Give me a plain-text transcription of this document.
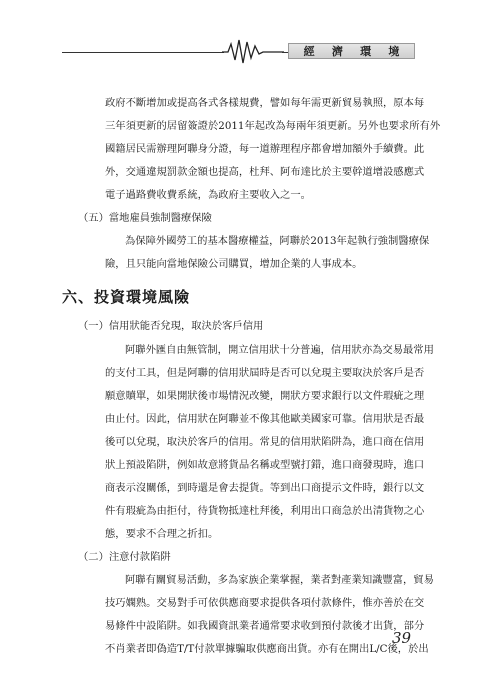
經 濟 環 境
政府不斷增加或提高各式各樣規費，譬如每年需更新貿易執照，原本每
三年須更新的居留簽證於2011年起改為每兩年須更新。另外也要求所有外
國籍居民需辦理阿聯身分證，每一道辦理程序都會增加額外手續費。此
外，交通違規罰款金額也提高，杜拜、阿布達比於主要幹道增設感應式
電子過路費收費系統，為政府主要收入之一。
（五）當地雇員強制醫療保險
為保障外國勞工的基本醫療權益，阿聯於2013年起執行強制醫療保
險，且只能向當地保險公司購買，增加企業的人事成本。
六、投資環境風險
（一）信用狀能否兌現，取決於客戶信用
阿聯外匯自由無管制，開立信用狀十分普遍，信用狀亦為交易最常用
的支付工具，但是阿聯的信用狀屆時是否可以兌現主要取決於客戶是否
願意贖單，如果開狀後市場情況改變，開狀方要求銀行以文件瑕疵之理
由止付。因此，信用狀在阿聯並不像其他歐美國家可靠。信用狀是否最
後可以兌現，取決於客戶的信用。常見的信用狀陷阱為，進口商在信用
狀上預設陷阱，例如故意將貨品名稱或型號打錯，進口商發現時，進口
商表示沒關係，到時還是會去提貨。等到出口商提示文件時，銀行以文
件有瑕疵為由拒付，待貨物抵達杜拜後，利用出口商急於出清貨物之心
態，要求不合理之折扣。
（二）注意付款陷阱
阿聯有關貿易活動，多為家族企業掌握，業者對產業知識豐富，貿易
技巧嫻熟。交易對手可依供應商要求提供各項付款條件，惟亦善於在交
易條件中設陷阱。如我國資訊業者通常要求收到預付款後才出貨，部分
不肖業者即偽造T/T付款單據騙取供應商出貨。亦有在開出L/C後，於出
39
